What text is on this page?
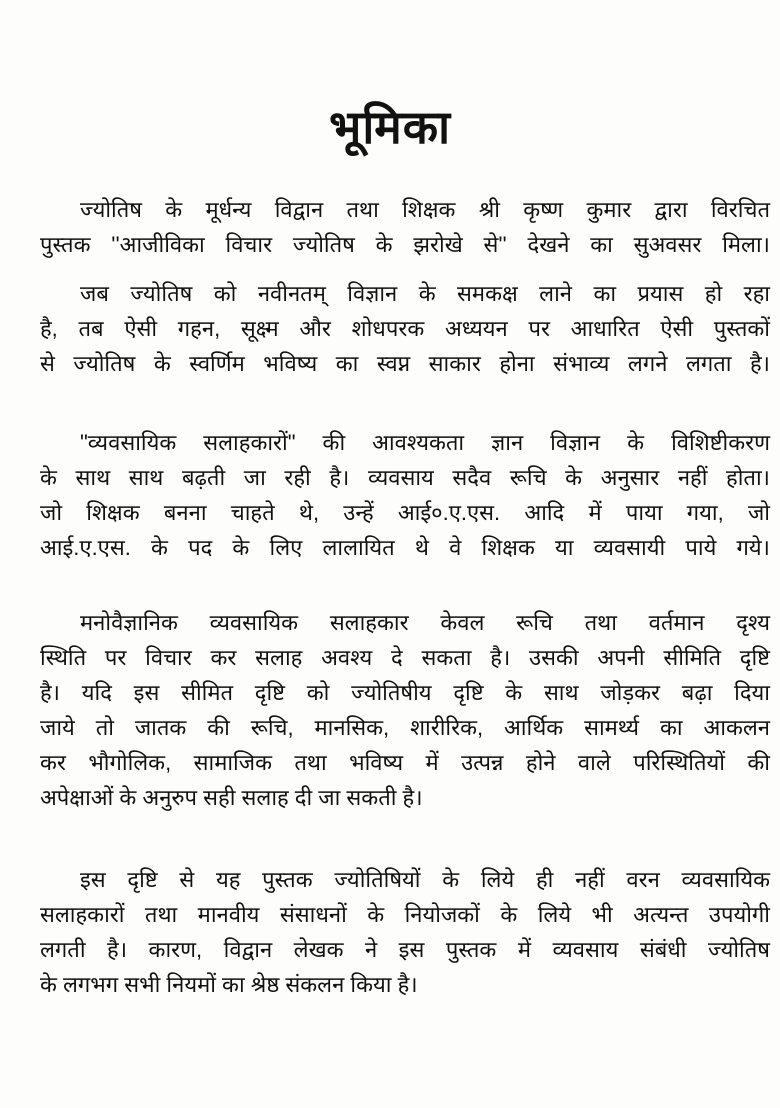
भूमिका
ज्योतिष के मूर्धन्य विद्वान तथा शिक्षक श्री कृष्ण कुमार द्वारा विरचित
पुस्तक ''आजीविका विचार ज्योतिष के झरोखे से'' देखने का सुअवसर मिला।
जब ज्योतिष को नवीनतम् विज्ञान के समकक्ष लाने का प्रयास हो रहा
है, तब ऐसी गहन, सूक्ष्म और शोधपरक अध्ययन पर आधारित ऐसी पुस्तकों
से ज्योतिष के स्वर्णिम भविष्य का स्वप्न साकार होना संभाव्य लगने लगता है।
"व्यवसायिक सलाहकारों" की आवश्यकता ज्ञान विज्ञान के विशिष्टीकरण
के साथ साथ बढ़ती जा रही है। व्यवसाय सदैव रूचि के अनुसार नहीं होता।
जो शिक्षक बनना चाहते थे, उन्हें आई०.ए.एस. आदि में पाया गया, जो
आई.ए.एस. के पद के लिए लालायित थे वे शिक्षक या व्यवसायी पाये गये।
मनोवैज्ञानिक व्यवसायिक सलाहकार केवल रूचि तथा वर्तमान दृश्य
स्थिति पर विचार कर सलाह अवश्य दे सकता है। उसकी अपनी सीमिति दृष्टि
है। यदि इस सीमित दृष्टि को ज्योतिषीय दृष्टि के साथ जोड़कर बढ़ा दिया
जाये तो जातक की रूचि, मानसिक, शारीरिक, आर्थिक सामर्थ्य का आकलन
कर भौगोलिक, सामाजिक तथा भविष्य में उत्पन्न होने वाले परिस्थितियों की
अपेक्षाओं के अनुरुप सही सलाह दी जा सकती है।
इस दृष्टि से यह पुस्तक ज्योतिषियों के लिये ही नहीं वरन व्यवसायिक
सलाहकारों तथा मानवीय संसाधनों के नियोजकों के लिये भी अत्यन्त उपयोगी
लगती है। कारण, विद्वान लेखक ने इस पुस्तक में व्यवसाय संबंधी ज्योतिष
के लगभग सभी नियमों का श्रेष्ठ संकलन किया है।
